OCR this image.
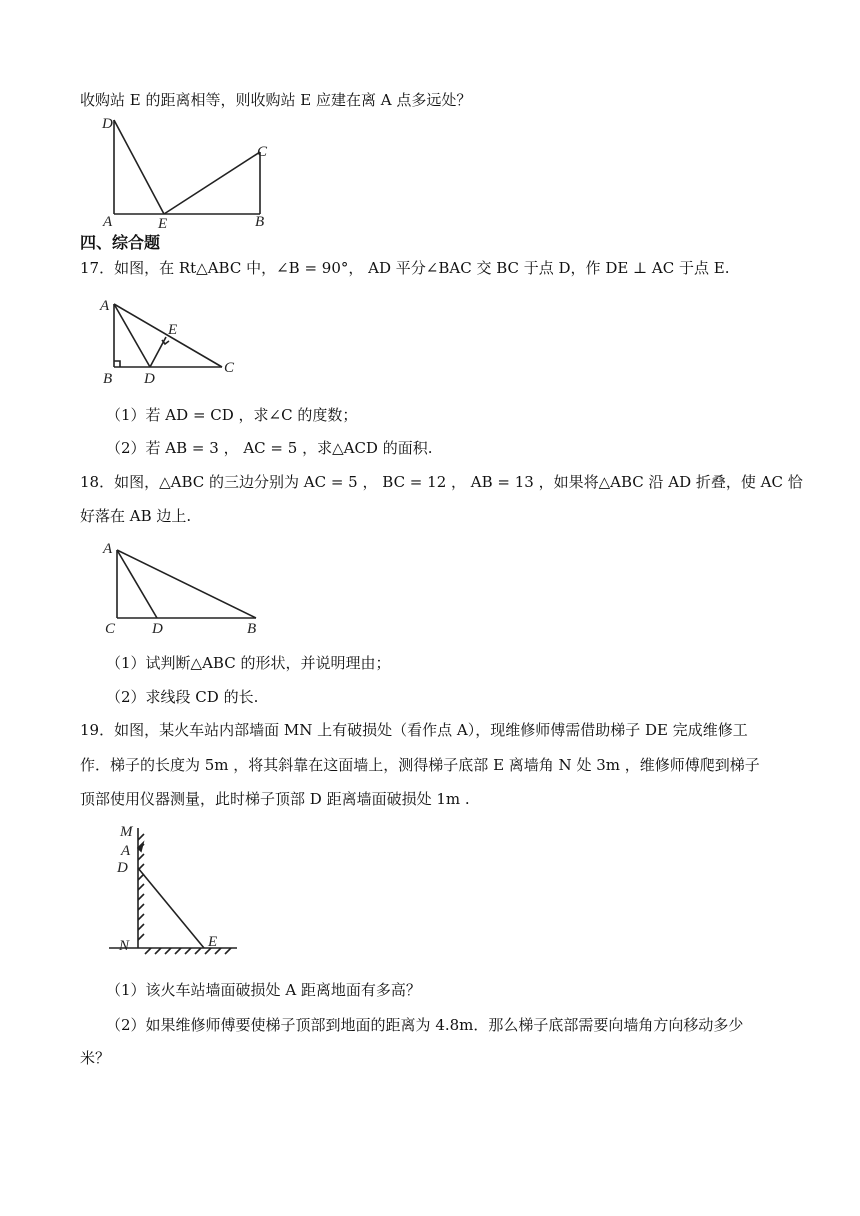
收购站 E 的距离相等，则收购站 E 应建在离 A 点多远处？
D
C
A	E	B
四、综合题
17．如图，在 Rt△ABC 中，∠B = 90°， AD 平分∠BAC 交 BC 于点 D，作 DE ⊥ AC 于点 E.
A
E
B D
C
（1）若 AD = CD ，求∠C 的度数；
（2）若 AB = 3 ， AC = 5 ，求△ACD 的面积.
18．如图，△ABC 的三边分别为 AC = 5 ， BC = 12 ， AB = 13 ，如果将△ABC 沿 AD 折叠，使 AC 恰
好落在 AB 边上.
A
C D	B
（1）试判断△ABC 的形状，并说明理由；
（2）求线段 CD 的长.
19．如图，某火车站内部墙面 MN 上有破损处（看作点 A），现维修师傅需借助梯子 DE 完成维修工
作．梯子的长度为 5m ，将其斜靠在这面墙上，测得梯子底部 E 离墙角 N 处 3m ，维修师傅爬到梯子
顶部使用仪器测量，此时梯子顶部 D 距离墙面破损处 1m .
M
A
D
N	E
（1）该火车站墙面破损处 A 距离地面有多高？
（2）如果维修师傅要使梯子顶部到地面的距离为 4.8m．那么梯子底部需要向墙角方向移动多少
米？
